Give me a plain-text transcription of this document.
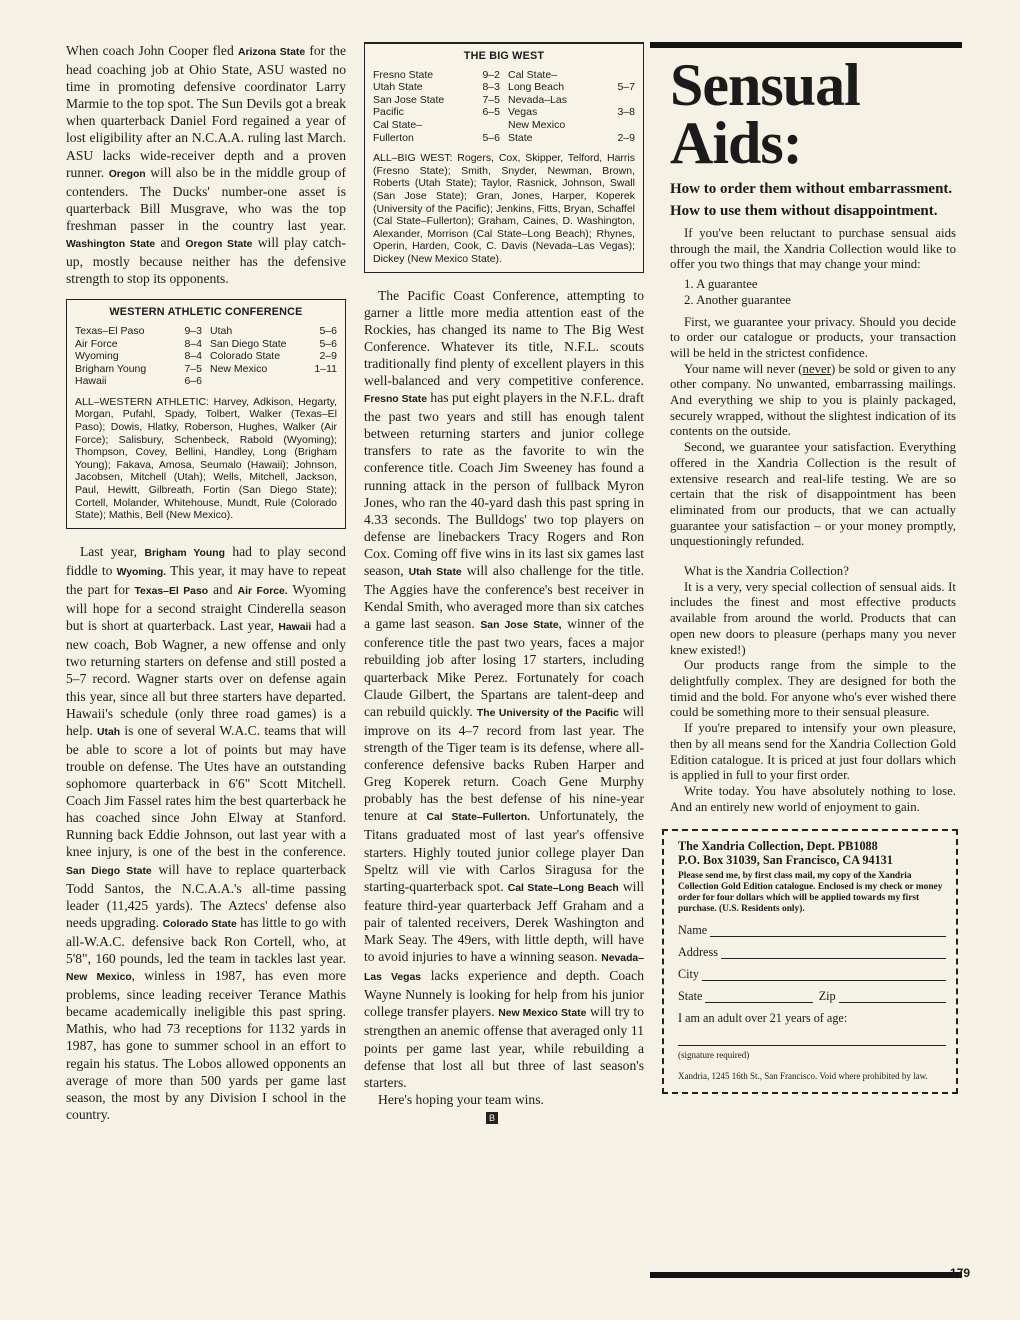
When coach John Cooper fled Arizona State for the head coaching job at Ohio State, ASU wasted no time in promoting defensive coordinator Larry Marmie to the top spot. The Sun Devils got a break when quarterback Daniel Ford regained a year of lost eligibility after an N.C.A.A. ruling last March. ASU lacks wide-receiver depth and a proven runner. Oregon will also be in the middle group of contenders. The Ducks' number-one asset is quarterback Bill Musgrave, who was the top freshman passer in the country last year. Washington State and Oregon State will play catch-up, mostly because neither has the defensive strength to stop its opponents.

WESTERN ATHLETIC CONFERENCE
Texas–El Paso	9–3
Air Force	8–4
Wyoming	8–4
Brigham Young	7–5
Hawaii	6–6
Utah	5–6
San Diego State	5–6
Colorado State	2–9
New Mexico	1–11

ALL–WESTERN ATHLETIC: Harvey, Adkison, Hegarty, Morgan, Pufahl, Spady, Tolbert, Walker (Texas–El Paso); Dowis, Hlatky, Roberson, Hughes, Walker (Air Force); Salisbury, Schenbeck, Rabold (Wyoming); Thompson, Covey, Bellini, Handley, Long (Brigham Young); Fakava, Amosa, Seumalo (Hawaii); Johnson, Jacobsen, Mitchell (Utah); Wells, Mitchell, Jackson, Paul, Hewitt, Gilbreath, Fortin (San Diego State); Cortell, Molander, Whitehouse, Mundt, Rule (Colorado State); Mathis, Bell (New Mexico).

Last year, Brigham Young had to play second fiddle to Wyoming. This year, it may have to repeat the part for Texas–El Paso and Air Force. Wyoming will hope for a second straight Cinderella season but is short at quarterback. Last year, Hawaii had a new coach, Bob Wagner, a new offense and only two returning starters on defense and still posted a 5–7 record. Wagner starts over on defense again this year, since all but three starters have departed. Hawaii's schedule (only three road games) is a help. Utah is one of several W.A.C. teams that will be able to score a lot of points but may have trouble on defense. The Utes have an outstanding sophomore quarterback in 6'6" Scott Mitchell. Coach Jim Fassel rates him the best quarterback he has coached since John Elway at Stanford. Running back Eddie Johnson, out last year with a knee injury, is one of the best in the conference. San Diego State will have to replace quarterback Todd Santos, the N.C.A.A.'s all-time passing leader (11,425 yards). The Aztecs' defense also needs upgrading. Colorado State has little to go with all-W.A.C. defensive back Ron Cortell, who, at 5'8", 160 pounds, led the team in tackles last year. New Mexico, winless in 1987, has even more problems, since leading receiver Terance Mathis became academically ineligible this past spring. Mathis, who had 73 receptions for 1132 yards in 1987, has gone to summer school in an effort to regain his status. The Lobos allowed opponents an average of more than 500 yards per game last season, the most by any Division I school in the country.

THE BIG WEST
Fresno State	9–2
Utah State	8–3
San Jose State	7–5
Pacific	6–5
Cal State–
Fullerton	5–6
Cal State–
Long Beach	5–7
Nevada–Las
Vegas	3–8
New Mexico
State	2–9

ALL–BIG WEST: Rogers, Cox, Skipper, Telford, Harris (Fresno State); Smith, Snyder, Newman, Brown, Roberts (Utah State); Taylor, Rasnick, Johnson, Swall (San Jose State); Gran, Jones, Harper, Koperek (University of the Pacific); Jenkins, Fitts, Bryan, Schaffel (Cal State–Fullerton); Graham, Caines, D. Washington, Alexander, Morrison (Cal State–Long Beach); Rhynes, Operin, Harden, Cook, C. Davis (Nevada–Las Vegas); Dickey (New Mexico State).

The Pacific Coast Conference, attempting to garner a little more media attention east of the Rockies, has changed its name to The Big West Conference. Whatever its title, N.F.L. scouts traditionally find plenty of excellent players in this well-balanced and very competitive conference. Fresno State has put eight players in the N.F.L. draft the past two years and still has enough talent between returning starters and junior college transfers to rate as the favorite to win the conference title. Coach Jim Sweeney has found a running attack in the person of fullback Myron Jones, who ran the 40-yard dash this past spring in 4.33 seconds. The Bulldogs' two top players on defense are linebackers Tracy Rogers and Ron Cox. Coming off five wins in its last six games last season, Utah State will also challenge for the title. The Aggies have the conference's best receiver in Kendal Smith, who averaged more than six catches a game last season. San Jose State, winner of the conference title the past two years, faces a major rebuilding job after losing 17 starters, including quarterback Mike Perez. Fortunately for coach Claude Gilbert, the Spartans are talent-deep and can rebuild quickly. The University of the Pacific will improve on its 4–7 record from last year. The strength of the Tiger team is its defense, where all-conference defensive backs Ruben Harper and Greg Koperek return. Coach Gene Murphy probably has the best defense of his nine-year tenure at Cal State–Fullerton. Unfortunately, the Titans graduated most of last year's offensive starters. Highly touted junior college player Dan Speltz will vie with Carlos Siragusa for the starting-quarterback spot. Cal State–Long Beach will feature third-year quarterback Jeff Graham and a pair of talented receivers, Derek Washington and Mark Seay. The 49ers, with little depth, will have to avoid injuries to have a winning season. Nevada–Las Vegas lacks experience and depth. Coach Wayne Nunnely is looking for help from his junior college transfer players. New Mexico State will try to strengthen an anemic offense that averaged only 11 points per game last year, while rebuilding a defense that lost all but three of last season's starters.

Here's hoping your team wins.

B
Sensual
Aids:
How to order them without embarrassment.
How to use them without disappointment.

If you've been reluctant to purchase sensual aids through the mail, the Xandria Collection would like to offer you two things that may change your mind:

1. A guarantee
2. Another guarantee

First, we guarantee your privacy. Should you decide to order our catalogue or products, your transaction will be held in the strictest confidence.

Your name will never (never) be sold or given to any other company. No unwanted, embarrassing mailings. And everything we ship to you is plainly packaged, securely wrapped, without the slightest indication of its contents on the outside.

Second, we guarantee your satisfaction. Everything offered in the Xandria Collection is the result of extensive research and real-life testing. We are so certain that the risk of disappointment has been eliminated from our products, that we can actually guarantee your satisfaction – or your money promptly, unquestioningly refunded.

What is the Xandria Collection?

It is a very, very special collection of sensual aids. It includes the finest and most effective products available from around the world. Products that can open new doors to pleasure (perhaps many you never knew existed!)

Our products range from the simple to the delightfully complex. They are designed for both the timid and the bold. For anyone who's ever wished there could be something more to their sensual pleasure.

If you're prepared to intensify your own pleasure, then by all means send for the Xandria Collection Gold Edition catalogue. It is priced at just four dollars which is applied in full to your first order.

Write today. You have absolutely nothing to lose. And an entirely new world of enjoyment to gain.

The Xandria Collection, Dept. PB1088
P.O. Box 31039, San Francisco, CA 94131
Please send me, by first class mail, my copy of the Xandria Collection Gold Edition catalogue. Enclosed is my check or money order for four dollars which will be applied towards my first purchase. (U.S. Residents only).
Name
Address
City
State	Zip
I am an adult over 21 years of age:
(signature required)
Xandria, 1245 16th St., San Francisco. Void where prohibited by law.
179
